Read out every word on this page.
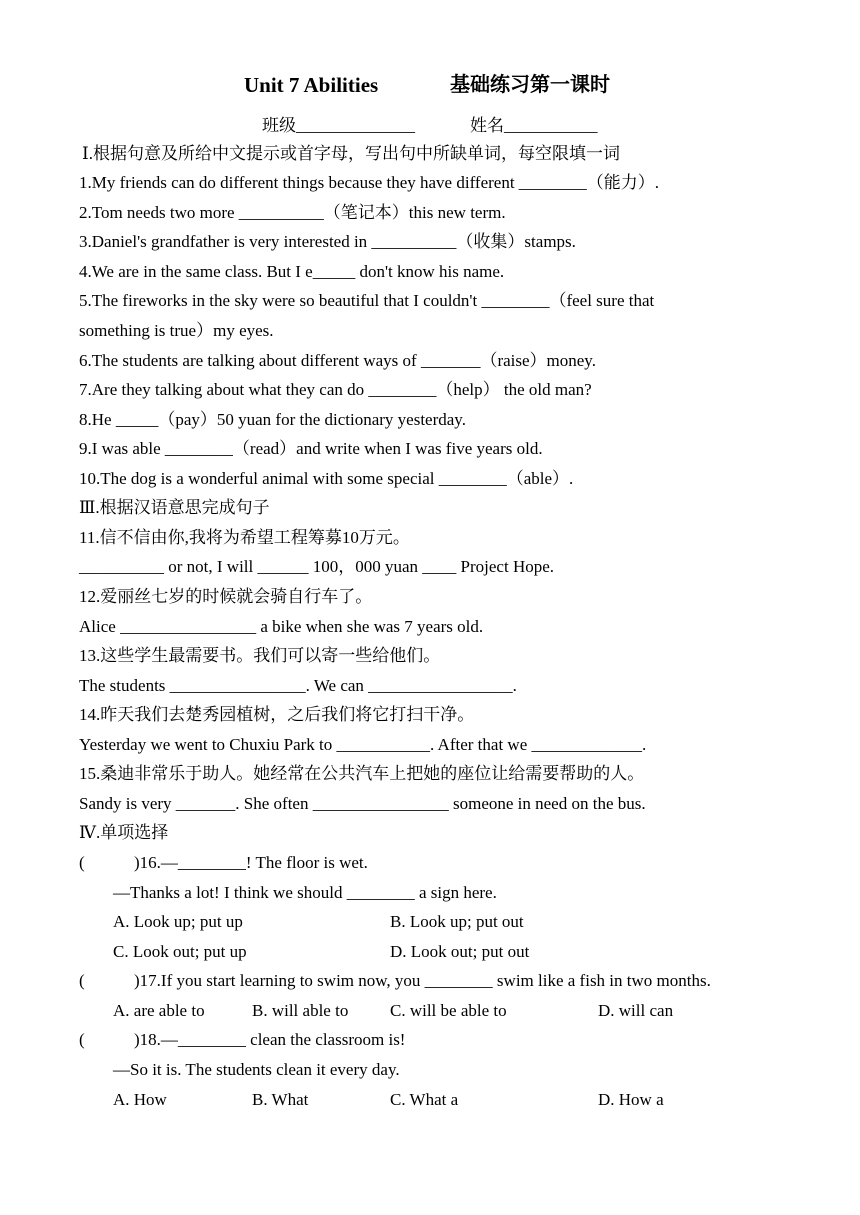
Unit 7 Abilities	基础练习第一课时
班级______________	姓名___________
Ⅰ.根据句意及所给中文提示或首字母，写出句中所缺单词，每空限填一词
1.My friends can do different things because they have different ________（能力）.
2.Tom needs two more __________（笔记本）this new term.
3.Daniel's grandfather is very interested in __________（收集）stamps.
4.We are in the same class. But I e_____ don't know his name.
5.The fireworks in the sky were so beautiful that I couldn't ________（feel sure that
something is true）my eyes.
6.The students are talking about different ways of _______（raise）money.
7.Are they talking about what they can do ________（help） the old man?
8.He _____（pay）50 yuan for the dictionary yesterday.
9.I was able ________（read）and write when I was five years old.
10.The dog is a wonderful animal with some special ________（able）.
Ⅲ.根据汉语意思完成句子
11.信不信由你,我将为希望工程筹募10万元。
__________ or not, I will ______ 100，000 yuan ____ Project Hope.
12.爱丽丝七岁的时候就会骑自行车了。
Alice ________________ a bike when she was 7 years old.
13.这些学生最需要书。我们可以寄一些给他们。
The students ________________. We can _________________.
14.昨天我们去楚秀园植树，之后我们将它打扫干净。
Yesterday we went to Chuxiu Park to ___________. After that we _____________.
15.桑迪非常乐于助人。她经常在公共汽车上把她的座位让给需要帮助的人。
Sandy is very _______. She often ________________ someone in need on the bus.
Ⅳ.单项选择
(	)16.—________! The floor is wet.
—Thanks a lot! I think we should ________ a sign here.
A. Look up; put up	B. Look up; put out
C. Look out; put up	D. Look out; put out
(	)17.If you start learning to swim now, you ________ swim like a fish in two months.
A. are able to	B. will able to C. will be able to	D. will can
(	)18.—________ clean the classroom is!
—So it is. The students clean it every day.
A. How	B. What	C. What a	D. How a
